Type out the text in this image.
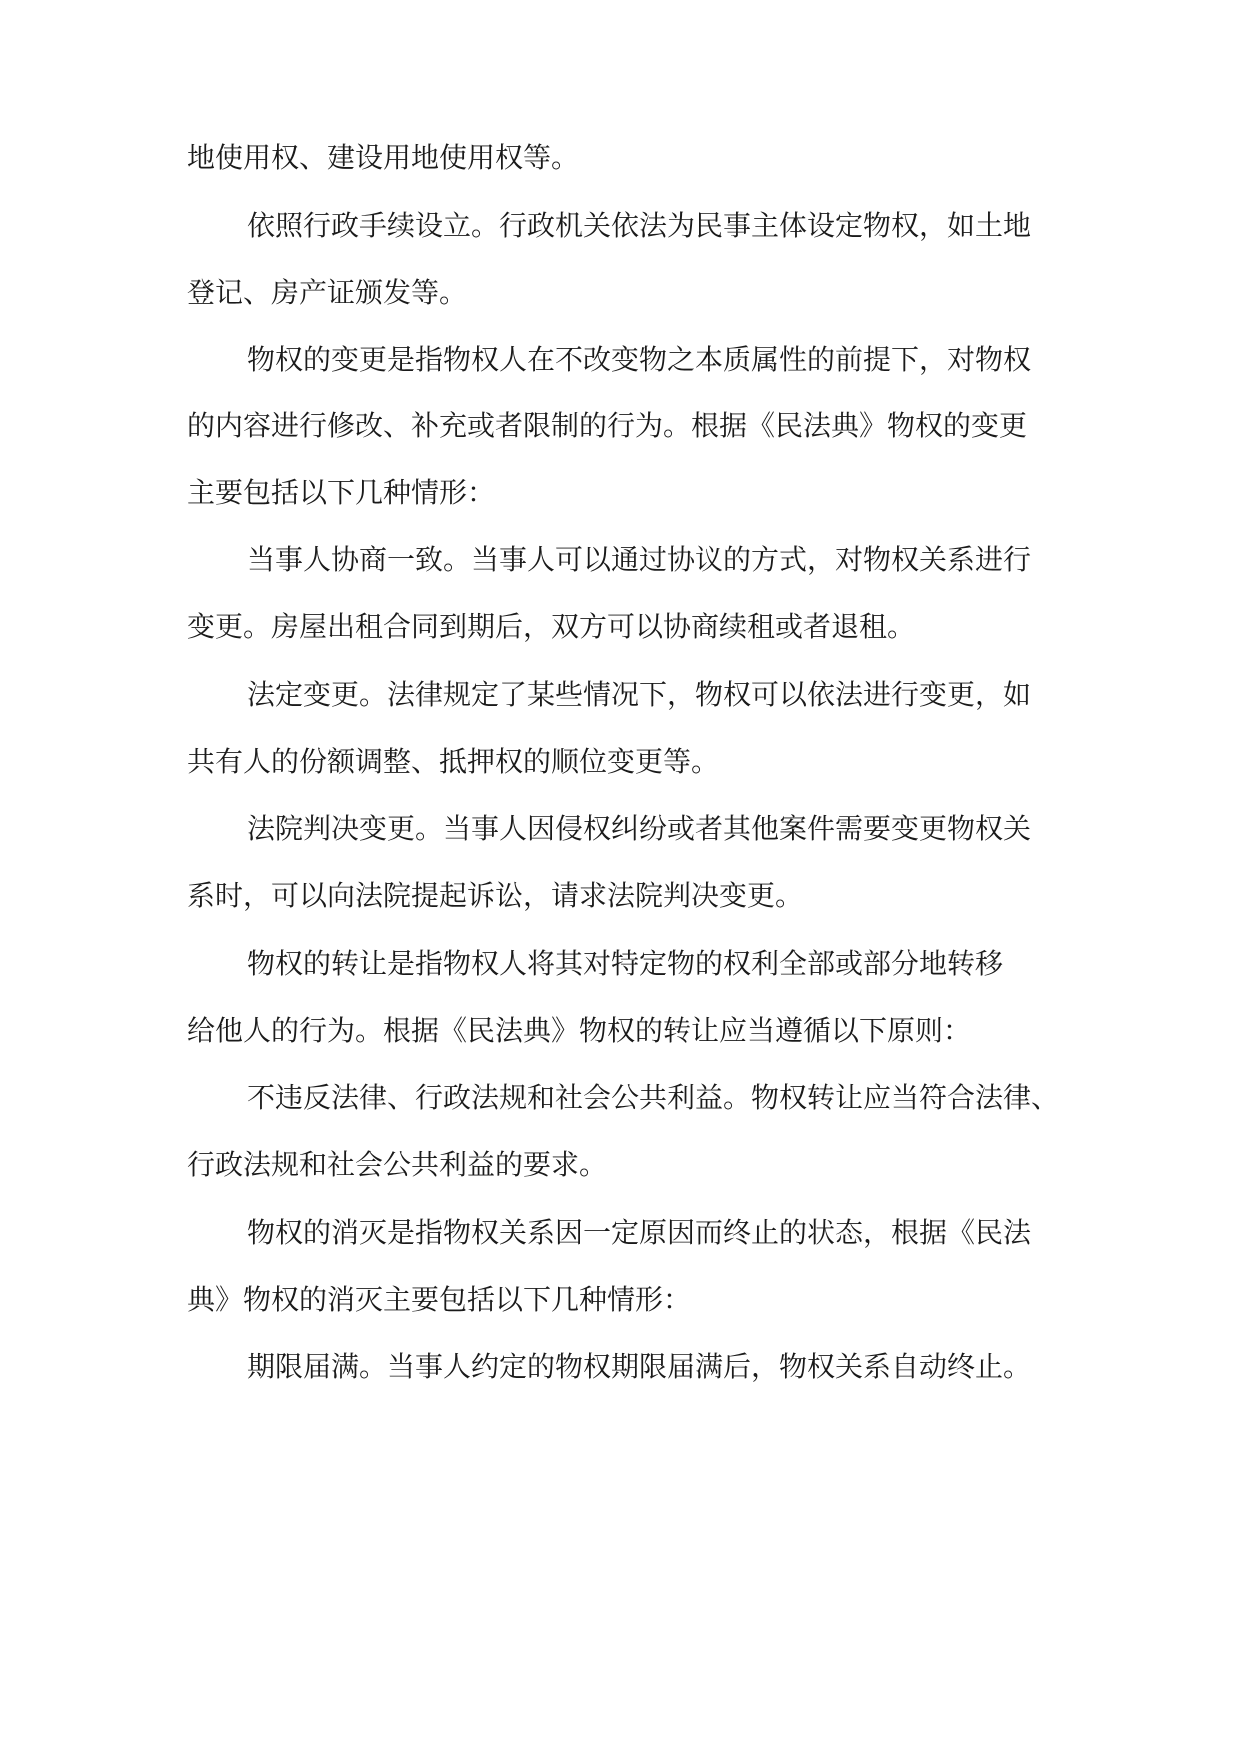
地使用权、建设用地使用权等。
依照行政手续设立。行政机关依法为民事主体设定物权，如土地
登记、房产证颁发等。
物权的变更是指物权人在不改变物之本质属性的前提下，对物权
的内容进行修改、补充或者限制的行为。根据《民法典》物权的变更
主要包括以下几种情形：
当事人协商一致。当事人可以通过协议的方式，对物权关系进行
变更。房屋出租合同到期后，双方可以协商续租或者退租。
法定变更。法律规定了某些情况下，物权可以依法进行变更，如
共有人的份额调整、抵押权的顺位变更等。
法院判决变更。当事人因侵权纠纷或者其他案件需要变更物权关
系时，可以向法院提起诉讼，请求法院判决变更。
物权的转让是指物权人将其对特定物的权利全部或部分地转移
给他人的行为。根据《民法典》物权的转让应当遵循以下原则：
不违反法律、行政法规和社会公共利益。物权转让应当符合法律、
行政法规和社会公共利益的要求。
物权的消灭是指物权关系因一定原因而终止的状态，根据《民法
典》物权的消灭主要包括以下几种情形：
期限届满。当事人约定的物权期限届满后，物权关系自动终止。
